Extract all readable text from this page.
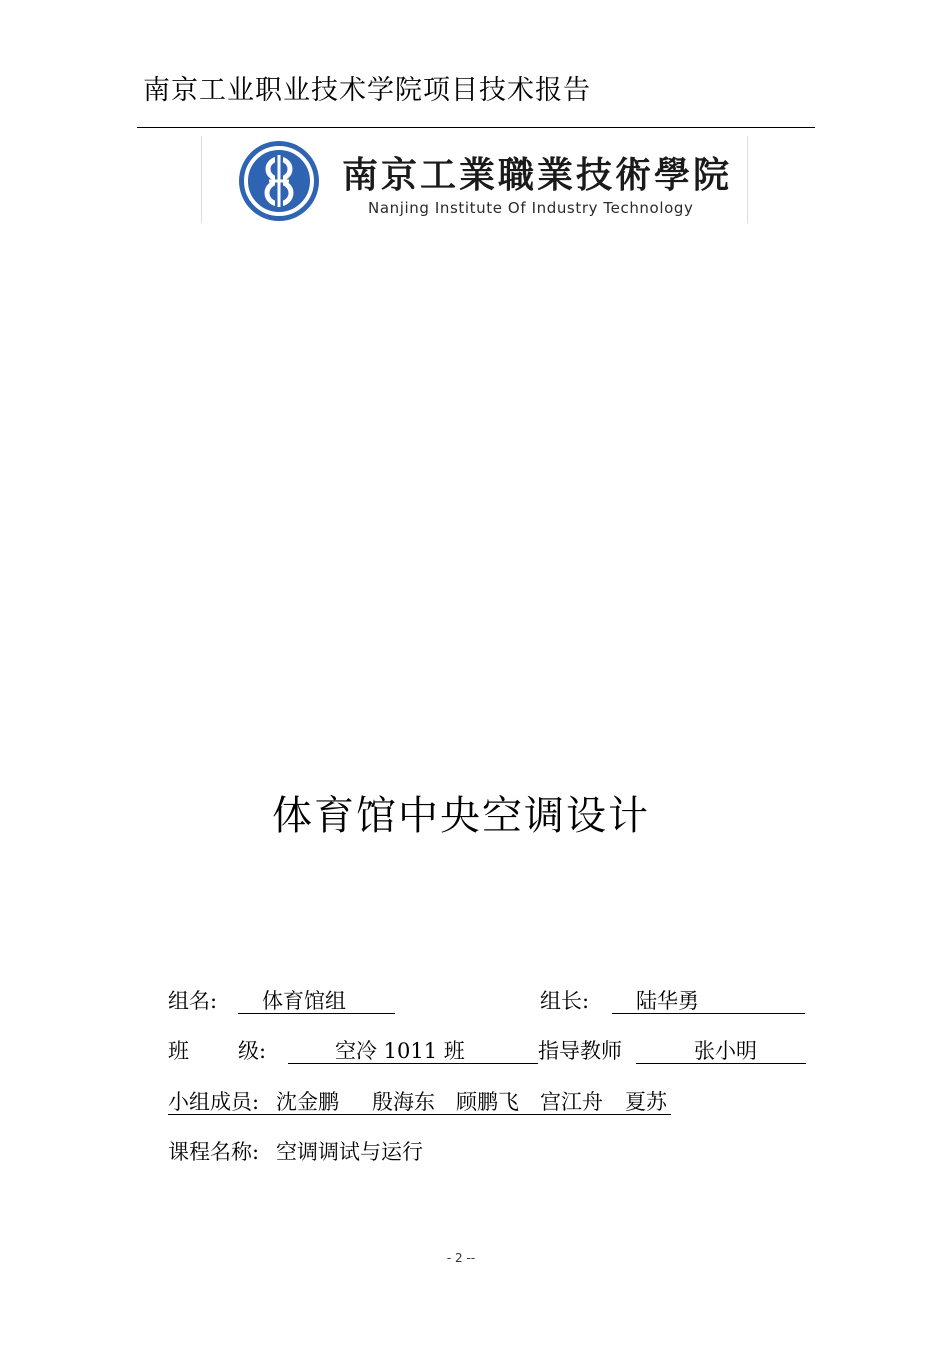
南京工业职业技术学院项目技术报告
南京工業職業技術學院
Nanjing Institute Of Industry Technology
体育馆中央空调设计
组名: 体育馆组	组长: 陆华勇
班 级:	空冷 1011 班	指导教师	张小明
小组成员: 沈金鹏 殷海东 顾鹏飞 宫江舟 夏苏
课程名称: 空调调试与运行
- 2 --
